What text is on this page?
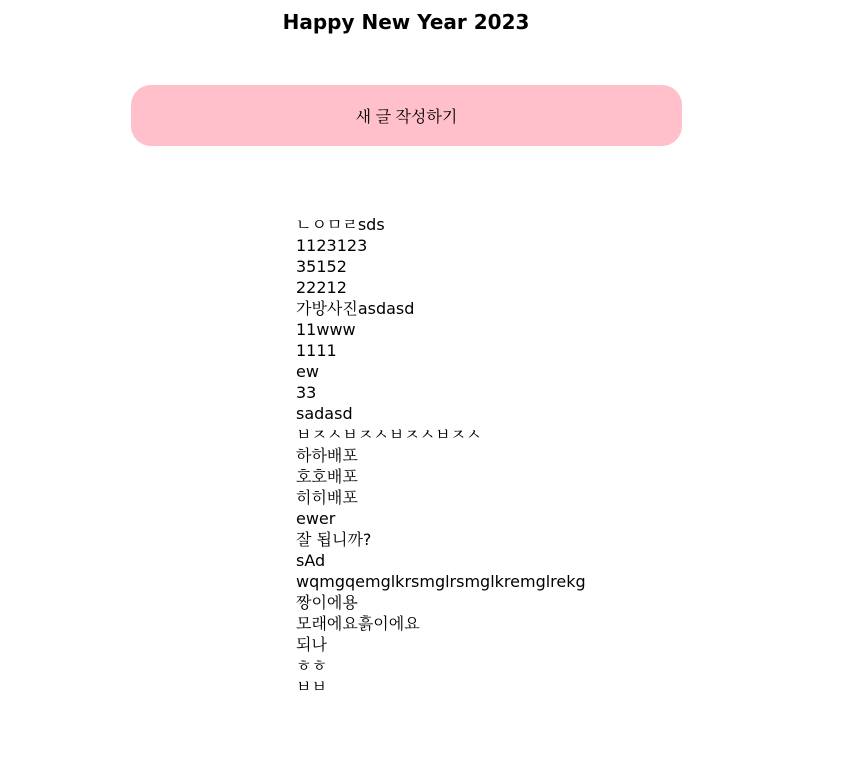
Happy New Year 2023
새 글 작성하기
ㄴㅇㅁㄹsds
1123123
35152
22212
가방사진asdasd
11www
1111
ew
33
sadasd
ㅂㅈㅅㅂㅈㅅㅂㅈㅅㅂㅈㅅ
하하배포
호호배포
히히배포
ewer
잘 됩니까?
sAd
wqmgqemglkrsmglrsmglkremglrekg
짱이에용
모래에요흙이에요
되나
ㅎㅎ
ㅂㅂ
